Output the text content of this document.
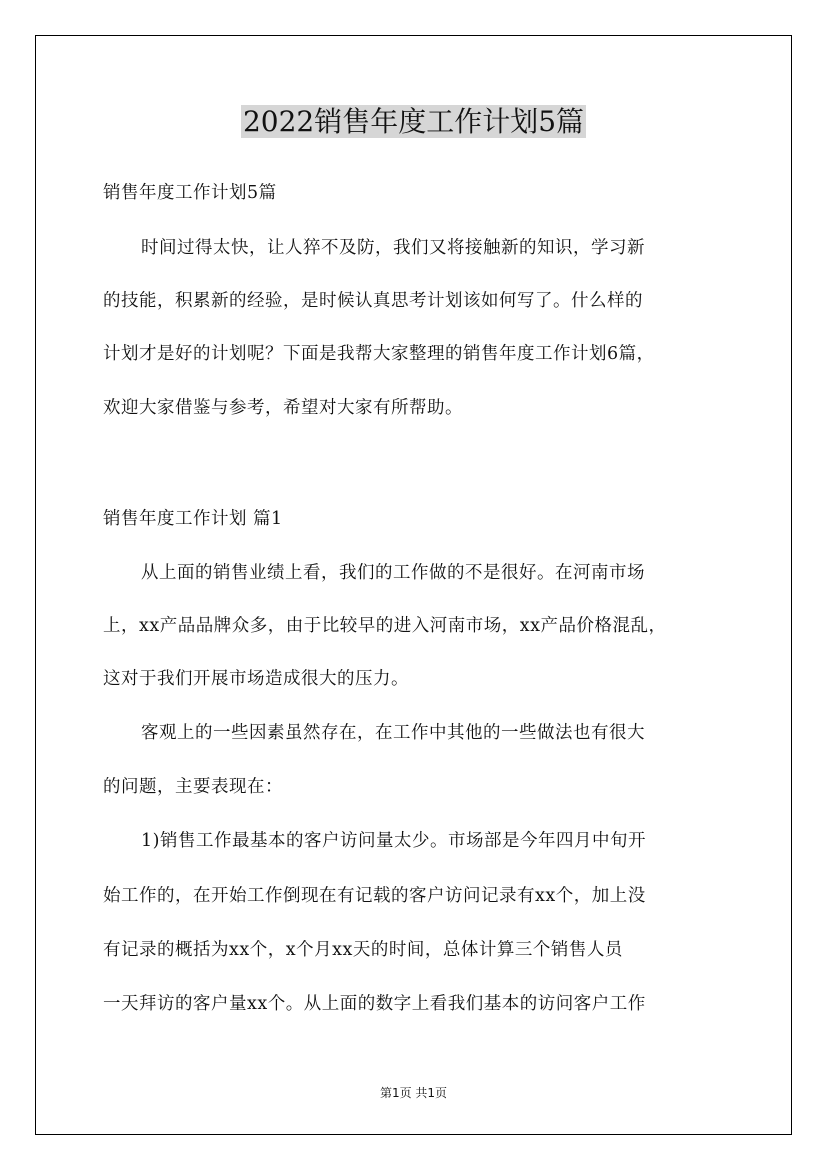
2022销售年度工作计划5篇
销售年度工作计划5篇
时间过得太快，让人猝不及防，我们又将接触新的知识，学习新
的技能，积累新的经验，是时候认真思考计划该如何写了。什么样的
计划才是好的计划呢？下面是我帮大家整理的销售年度工作计划6篇，
欢迎大家借鉴与参考，希望对大家有所帮助。
销售年度工作计划 篇1
从上面的销售业绩上看，我们的工作做的不是很好。在河南市场
上，xx产品品牌众多，由于比较早的进入河南市场，xx产品价格混乱，
这对于我们开展市场造成很大的压力。
客观上的一些因素虽然存在，在工作中其他的一些做法也有很大
的问题，主要表现在：
1)销售工作最基本的客户访问量太少。市场部是今年四月中旬开
始工作的，在开始工作倒现在有记载的客户访问记录有xx个，加上没
有记录的概括为xx个，x个月xx天的时间，总体计算三个销售人员
一天拜访的客户量xx个。从上面的数字上看我们基本的访问客户工作
第1页 共1页
